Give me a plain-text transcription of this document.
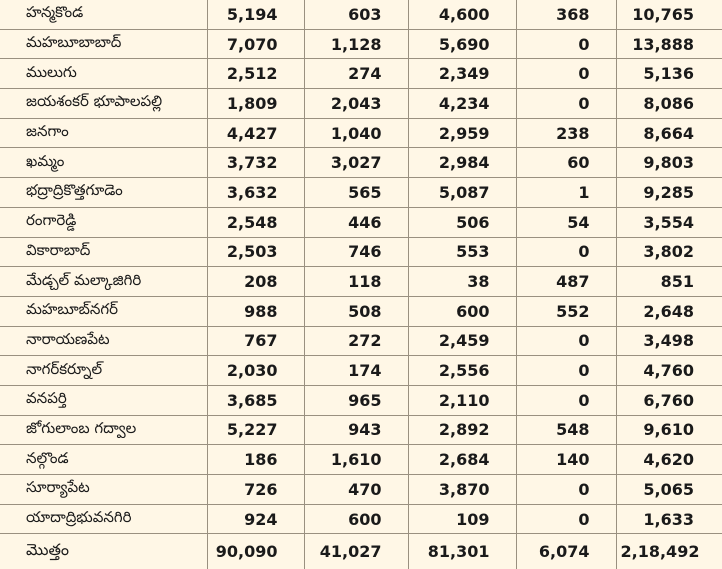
హన్మకొండ	5,194	603	4,600	368	10,765
మహబూబాబాద్	7,070	1,128	5,690	0	13,888
ములుగు	2,512	274	2,349	0	5,136
జయశంకర్ భూపాలపల్లి	1,809	2,043	4,234	0	8,086
జనగాం	4,427	1,040	2,959	238	8,664
ఖమ్మం	3,732	3,027	2,984	60	9,803
భద్రాద్రికొత్తగూడెం	3,632	565	5,087	1	9,285
రంగారెడ్డి	2,548	446	506	54	3,554
వికారాబాద్	2,503	746	553	0	3,802
మేడ్చల్ మల్కాజిగిరి	208	118	38	487	851
మహబూబ్‌నగర్	988	508	600	552	2,648
నారాయణపేట	767	272	2,459	0	3,498
నాగర్‌కర్నూల్	2,030	174	2,556	0	4,760
వనపర్తి	3,685	965	2,110	0	6,760
జోగులాంబ గద్వాల	5,227	943	2,892	548	9,610
నల్గొండ	186	1,610	2,684	140	4,620
సూర్యాపేట	726	470	3,870	0	5,065
యాదాద్రిభువనగిరి	924	600	109	0	1,633
మొత్తం	90,090	41,027	81,301	6,074	2,18,492
